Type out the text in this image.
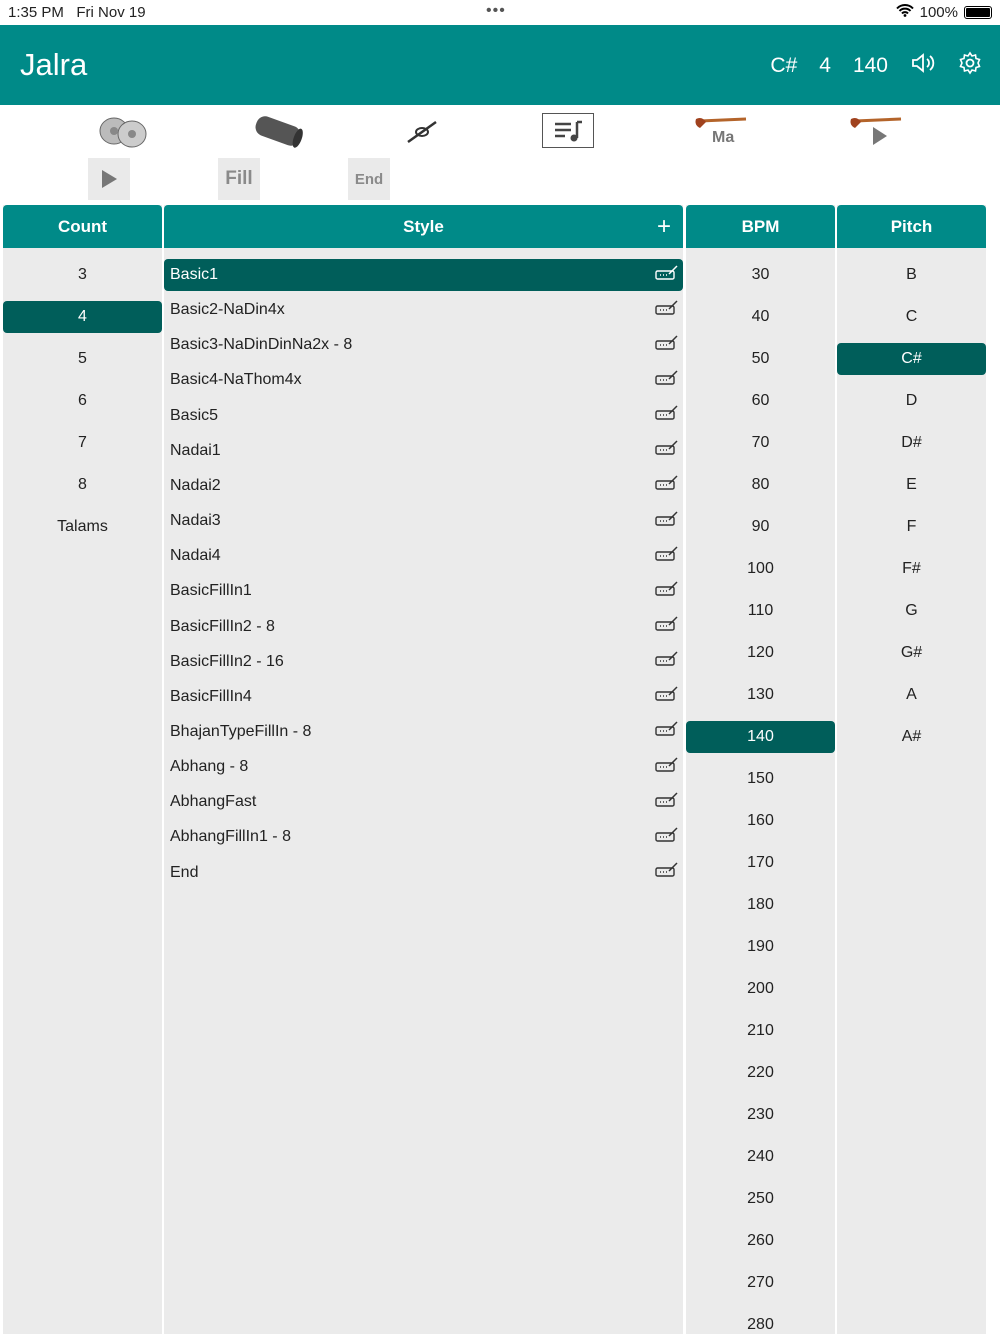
1:35 PM Fri Nov 19	•••	100%
Jalra	C# 4 140
Ma
Fill	End
Count
3
4
5
6
7
8
Talams
Style	+
Basic1
Basic2-NaDin4x
Basic3-NaDinDinNa2x - 8
Basic4-NaThom4x
Basic5
Nadai1
Nadai2
Nadai3
Nadai4
BasicFillIn1
BasicFillIn2 - 8
BasicFillIn2 - 16
BasicFillIn4
BhajanTypeFillIn - 8
Abhang - 8
AbhangFast
AbhangFillIn1 - 8
End
BPM
30
40
50
60
70
80
90
100
110
120
130
140
150
160
170
180
190
200
210
220
230
240
250
260
270
280
Pitch
B
C
C#
D
D#
E
F
F#
G
G#
A
A#
